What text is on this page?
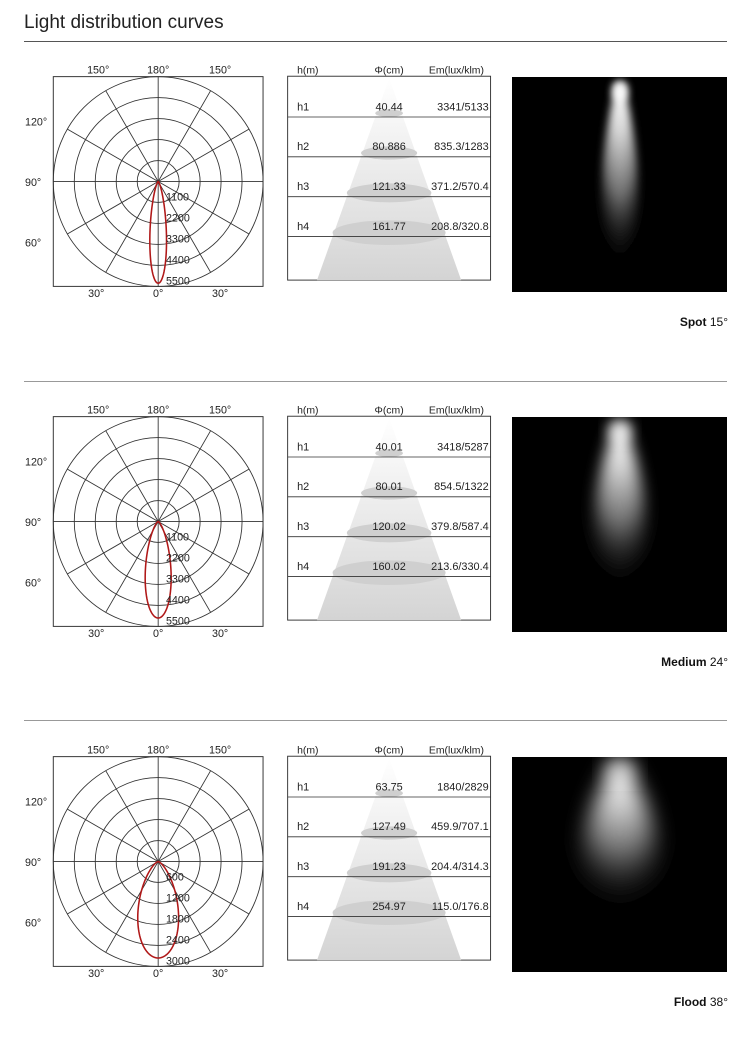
Light distribution curves
1100
2200
3300
4400
5500
150°	180°	150°
120°
90°
60°
30°	0°	30°
h(m)	Φ(cm) Em(lux/klm)
h1	40.44	3341/5133
h2	80.886 835.3/1283
h3	121.33 371.2/570.4
h4	161.77 208.8/320.8
Spot 15°
1100
2200
3300
4400
5500
150°	180°	150°
120°
90°
60°
30°	0°	30°
h(m)	Φ(cm) Em(lux/klm)
h1	40.01	3418/5287
h2	80.01	854.5/1322
h3	120.02 379.8/587.4
h4	160.02 213.6/330.4
Medium 24°
600
1200
1800
2400
3000
150°	180°	150°
120°
90°
60°
30°	0°	30°
h(m)	Φ(cm) Em(lux/klm)
h1	63.75	1840/2829
h2	127.49 459.9/707.1
h3	191.23 204.4/314.3
h4	254.97 115.0/176.8
Flood 38°
